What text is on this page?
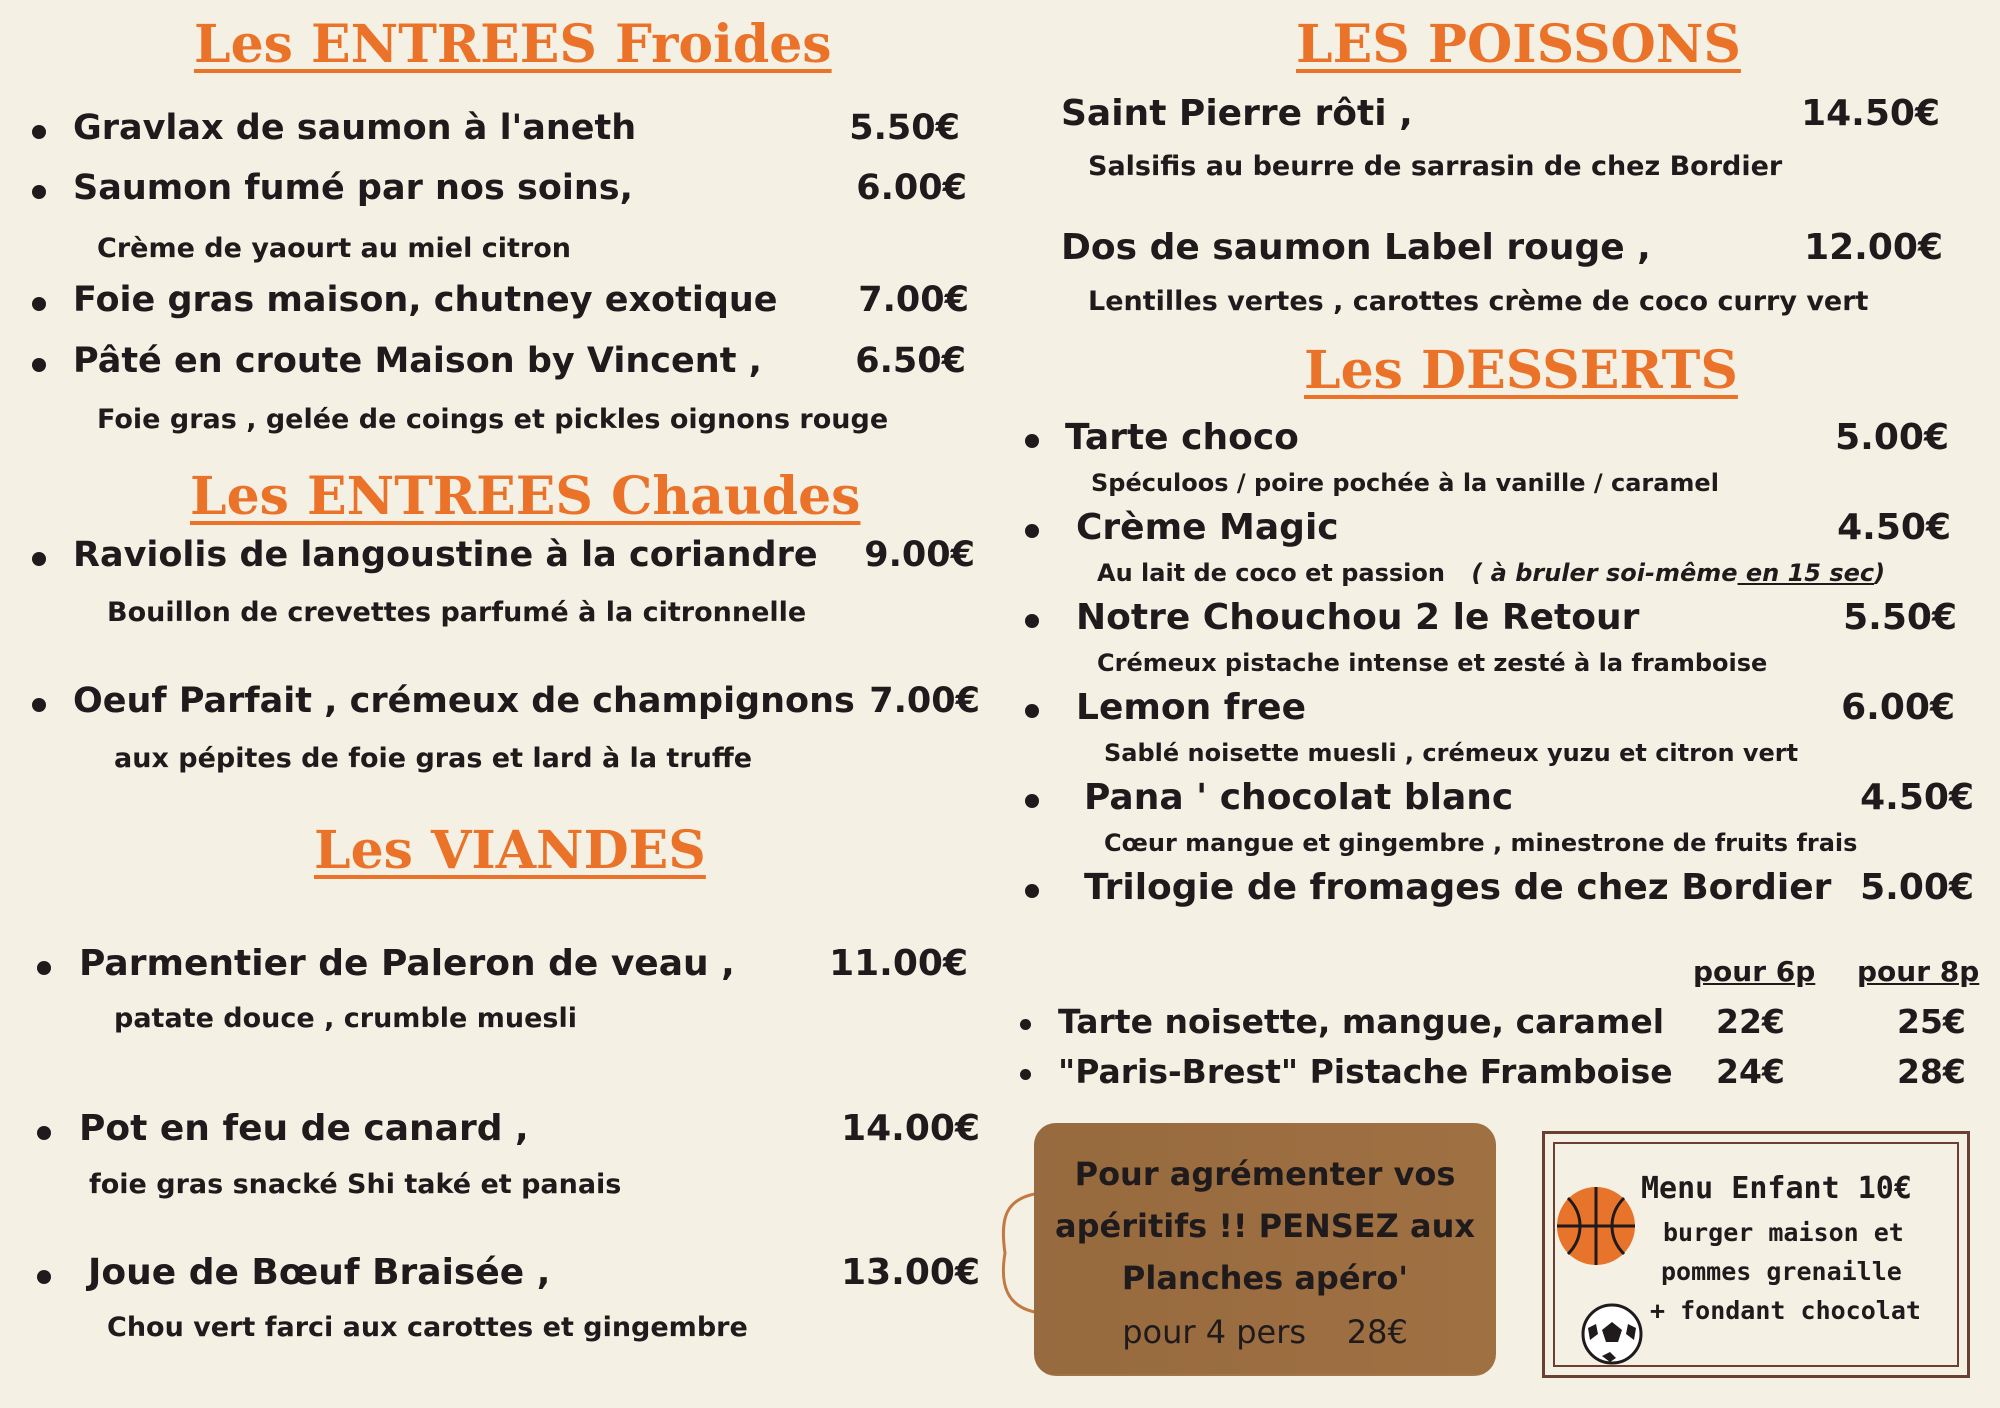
Les ENTREES Froides
Gravlax de saumon à l'aneth	5.50€
Saumon fumé par nos soins,	6.00€
Crème de yaourt au miel citron
Foie gras maison, chutney exotique 7.00€
Pâté en croute Maison by Vincent ,	6.50€
Foie gras , gelée de coings et pickles oignons rouge
Les ENTREES Chaudes
Raviolis de langoustine à la coriandre 9.00€
Bouillon de crevettes parfumé à la citronnelle
Oeuf Parfait , crémeux de champignons 7.00€
aux pépites de foie gras et lard à la truffe
Les VIANDES
Parmentier de Paleron de veau ,	11.00€
patate douce , crumble muesli
Pot en feu de canard ,	14.00€
foie gras snacké Shi také et panais
Joue de Bœuf Braisée ,	13.00€
Chou vert farci aux carottes et gingembre
LES POISSONS
Saint Pierre rôti ,	14.50€
Salsifis au beurre de sarrasin de chez Bordier
Dos de saumon Label rouge ,	12.00€
Lentilles vertes , carottes crème de coco curry vert
Les DESSERTS
Tarte choco	5.00€
Spéculoos / poire pochée à la vanille / caramel
Crème Magic	4.50€
Au lait de coco et passion ( à bruler soi-même en 15 sec)
Notre Chouchou 2 le Retour	5.50€
Crémeux pistache intense et zesté à la framboise
Lemon free	6.00€
Sablé noisette muesli , crémeux yuzu et citron vert
Pana ' chocolat blanc	4.50€
Cœur mangue et gingembre , minestrone de fruits frais
Trilogie de fromages de chez Bordier 5.00€
pour 6p pour 8p
Tarte noisette, mangue, caramel 22€	25€
"Paris-Brest" Pistache Framboise 24€	28€
Pour agrémenter vos
apéritifs !! PENSEZ aux
Planches apéro'
pour 4 pers    28€
Menu Enfant 10€
burger maison et
pommes grenaille
+ fondant chocolat
